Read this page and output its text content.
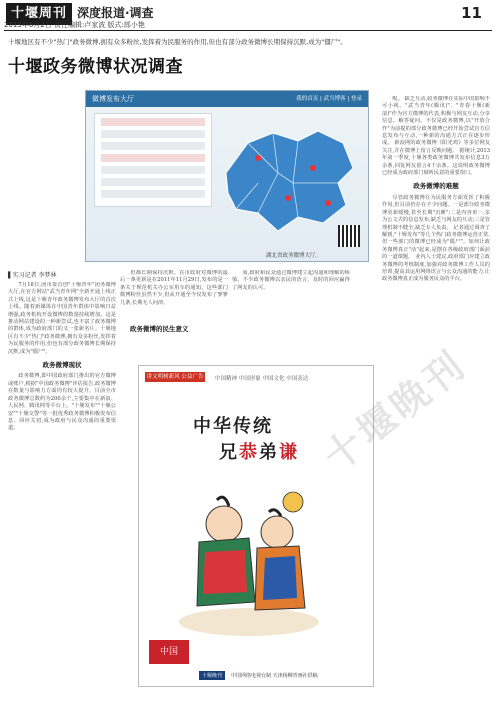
十堰周刊 深度报道·调查
2013年6月2日 责任编辑:卢家波 版式:郎小艳
11
十堰地区有不少"热门"政务微博,拥有众多粉丝,发挥着为民服务的作用,但也有部分政务微博长期保持沉默,成为"僵尸"。
十堰政务微博状况调查
微博发布大厅	我的首页 | 武当博客 | 登录
湖北省政务微博大厅。
▌实习记者 李梦林

7月18日,团市委首创"十堰青年"团务微博大厅,在官方网站"武当青年网"全新开通上线正式上线,这是十堰青年政务微博发布大厅的首次上线。随着新媒体在中国青年群体中影响日益增强,政务机构开设微博的数量持续增加。这是推动网站建设的一种新尝试,也丰富了政务微博的群体,成为政府部门的又一张新名片。十堰地区有不少"热门"政务微博,拥有众多粉丝,发挥着为民服务的作用,但也有部分政务微博长期保持沉默,成为"僵尸"。

政务微博现状

政务微博,即中国政府部门推出的官方微博或账户,根据"中国政务微博"评估报告,政务微博在数量与影响力方面均有较大提升。目前全市政务微博总数约为200余个,主要集中在新浪、人民网、腾讯网等平台上。"十堰发布""十堰公安""十堰交警"等一批优秀政务微博积极发布信息、回应关切,成为政府与民众沟通的重要渠道。

但都长期保持沉默。在市政府对微博的最后一条更新是在2011年11月29日,发布的是一条关于规范机关办公室用车的通知。这些部门微博粉丝虽然不少,但从开通至今仅发布了寥寥几条,长期无人问津。

成,政府和民众通过微博建立起沟通和理解的桥梁。不少政务微博以亲民的语言、及时的回应赢得了网友的认可。

政务微博的民生意义

呢。 缺乏互动,政务微博在实际中的影响不可小视。"武当青年(腾讯)"、"青春十堰(新浪)"作为官方微博的代表,积极与网友互动,分享信息、解答疑问。不仅是政务微博,以"开放合作"为前提的部分政务微博已经开始尝试官方信息发布与互动,一种新的沟通方式正在逐步形成。 新浪网的政务微博《阳光鸡》等多位网友关注,并在微博上留言反映问题。 据统计,2013年第一季度,十堰各类政务微博共发布信息3万余条,回复网友留言4千余条。这说明政务微博已经成为政府部门倾听民意的重要窗口。

政务微博的难题

尽管政务微博在为民服务方面发挥了积极作用,但目前仍存在不少问题。一是部分政务微博更新缓慢,甚至长期"沉睡";二是内容单一,多为公文式的信息发布,缺乏与网友的互动;三是管理机制不健全,缺乏专人负责。 记者通过调查了解到,"十堰发布"等几个热门政务微博运营正常,但一些部门的微博已经成为"僵尸"。如何让政务微博真正"活"起来,是摆在各级政府部门面前的一道课题。 业内人士建议,政府部门应建立政务微博的考核制度,加强对政务微博工作人员的培训,提高其运用网络语言与公众沟通的能力,让政务微博真正成为服务民众的平台。

讲文明树新风 公益广告 中国精神 中国形象 中国文化 中国表达
中华传统
兄恭弟谦
中国
十堰晚刊 中国网络电视台制 天津杨柳青画社供稿
十堰晚刊
